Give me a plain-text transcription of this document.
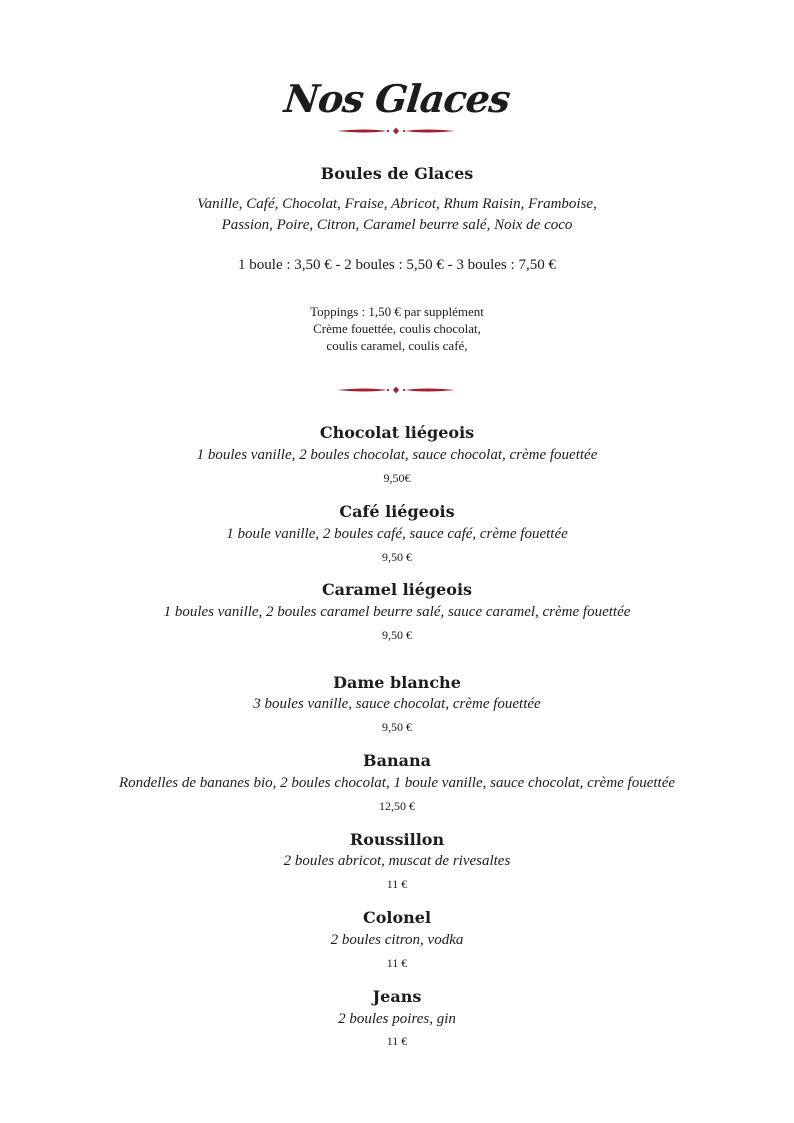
Nos Glaces
Boules de Glaces
Vanille, Café, Chocolat, Fraise, Abricot, Rhum Raisin, Framboise,
Passion, Poire, Citron, Caramel beurre salé, Noix de coco
1 boule : 3,50 € - 2 boules : 5,50 € - 3 boules : 7,50 €
Toppings : 1,50 € par supplément
Crème fouettée, coulis chocolat,
coulis caramel, coulis café,
Chocolat liégeois
1 boules vanille, 2 boules chocolat, sauce chocolat, crème fouettée
9,50€
Café liégeois
1 boule vanille, 2 boules café, sauce café, crème fouettée
9,50 €
Caramel liégeois
1 boules vanille, 2 boules caramel beurre salé, sauce caramel, crème fouettée
9,50 €
Dame blanche
3 boules vanille, sauce chocolat, crème fouettée
9,50 €
Banana
Rondelles de bananes bio, 2 boules chocolat, 1 boule vanille, sauce chocolat, crème fouettée
12,50 €
Roussillon
2 boules abricot, muscat de rivesaltes
11 €
Colonel
2 boules citron, vodka
11 €
Jeans
2 boules poires, gin
11 €
